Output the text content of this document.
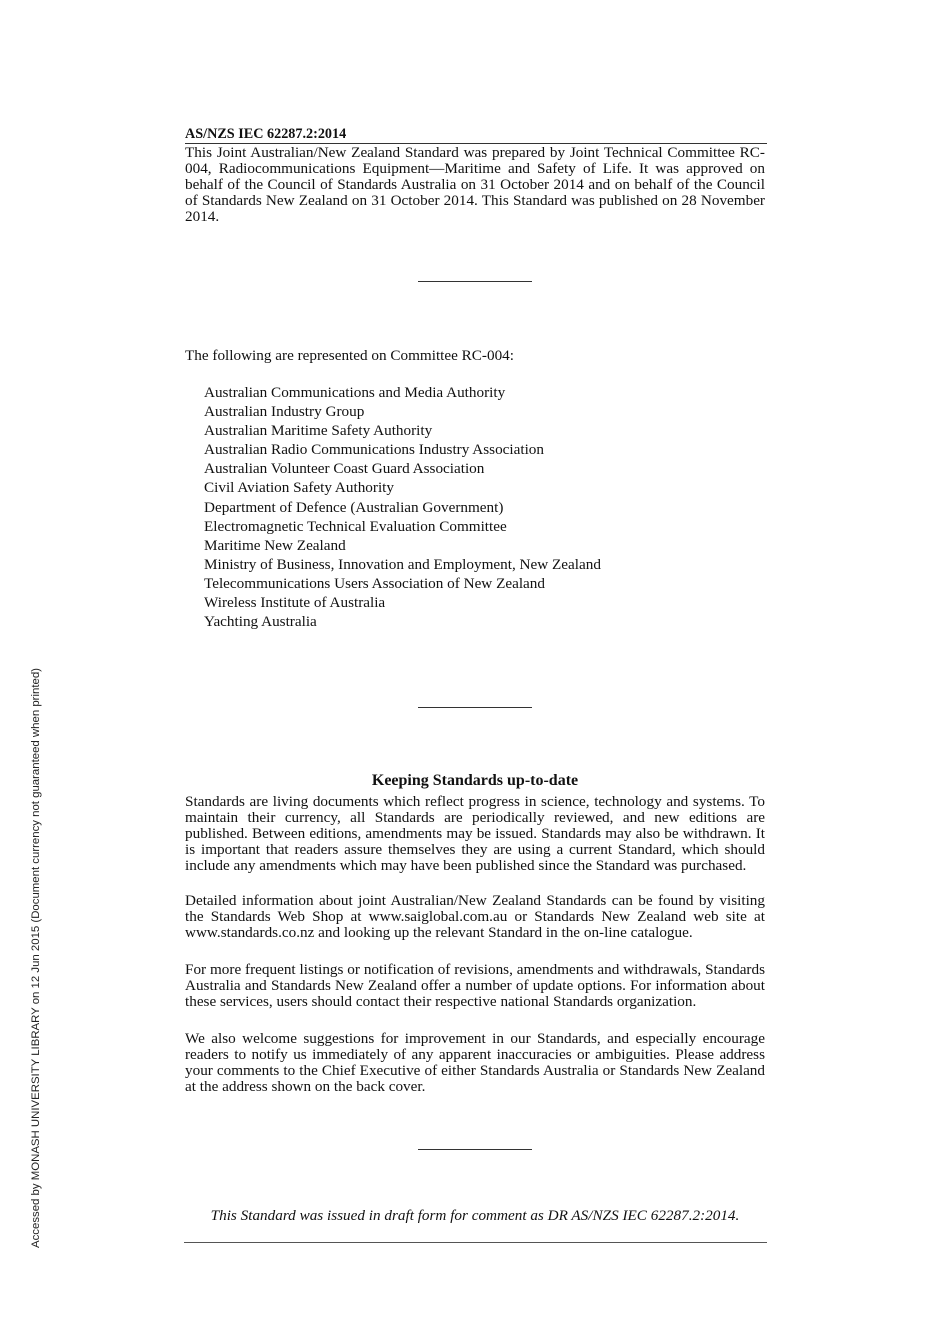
AS/NZS IEC 62287.2:2014
This Joint Australian/New Zealand Standard was prepared by Joint Technical Committee RC-004, Radiocommunications Equipment—Maritime and Safety of Life. It was approved on behalf of the Council of Standards Australia on 31 October 2014 and on behalf of the Council of Standards New Zealand on 31 October 2014. This Standard was published on 28 November 2014.
The following are represented on Committee RC-004:
Australian Communications and Media Authority
Australian Industry Group
Australian Maritime Safety Authority
Australian Radio Communications Industry Association
Australian Volunteer Coast Guard Association
Civil Aviation Safety Authority
Department of Defence (Australian Government)
Electromagnetic Technical Evaluation Committee
Maritime New Zealand
Ministry of Business, Innovation and Employment, New Zealand
Telecommunications Users Association of New Zealand
Wireless Institute of Australia
Yachting Australia
Keeping Standards up-to-date
Standards are living documents which reflect progress in science, technology and systems. To maintain their currency, all Standards are periodically reviewed, and new editions are published. Between editions, amendments may be issued. Standards may also be withdrawn. It is important that readers assure themselves they are using a current Standard, which should include any amendments which may have been published since the Standard was purchased.
Detailed information about joint Australian/New Zealand Standards can be found by visiting the Standards Web Shop at www.saiglobal.com.au or Standards New Zealand web site at www.standards.co.nz and looking up the relevant Standard in the on-line catalogue.
For more frequent listings or notification of revisions, amendments and withdrawals, Standards Australia and Standards New Zealand offer a number of update options. For information about these services, users should contact their respective national Standards organization.
We also welcome suggestions for improvement in our Standards, and especially encourage readers to notify us immediately of any apparent inaccuracies or ambiguities. Please address your comments to the Chief Executive of either Standards Australia or Standards New Zealand at the address shown on the back cover.
This Standard was issued in draft form for comment as DR AS/NZS IEC 62287.2:2014.
Accessed by MONASH UNIVERSITY LIBRARY on 12 Jun 2015 (Document currency not guaranteed when printed)
